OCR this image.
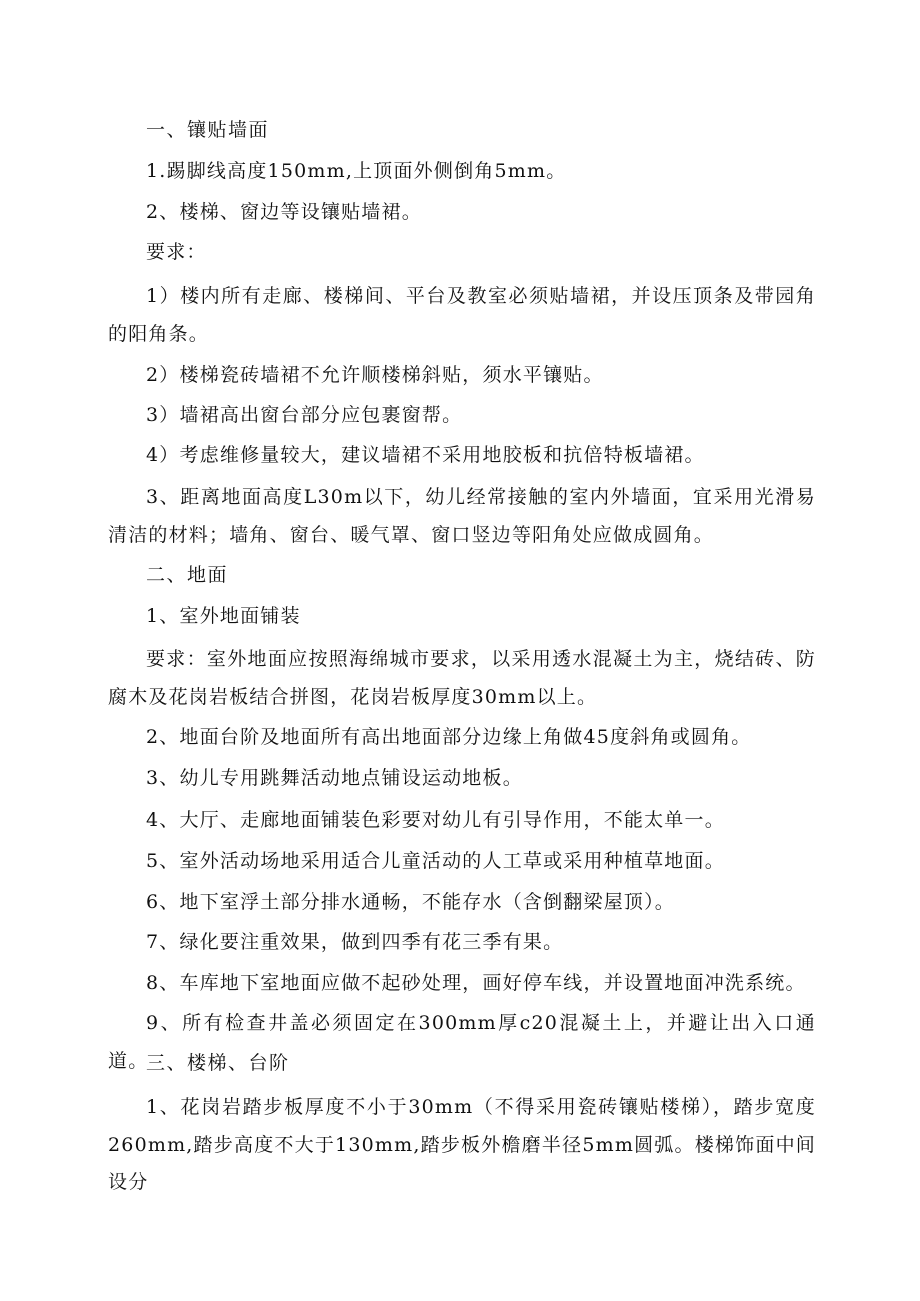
一、镶贴墙面

1.踢脚线高度150mm,上顶面外侧倒角5mm。

2、楼梯、窗边等设镶贴墙裙。

要求：

1）楼内所有走廊、楼梯间、平台及教室必须贴墙裙，并设压顶条及带园角的阳角条。

2）楼梯瓷砖墙裙不允许顺楼梯斜贴，须水平镶贴。

3）墙裙高出窗台部分应包裹窗帮。

4）考虑维修量较大，建议墙裙不采用地胶板和抗倍特板墙裙。

3、距离地面高度L30m以下，幼儿经常接触的室内外墙面，宜采用光滑易清洁的材料；墙角、窗台、暖气罩、窗口竖边等阳角处应做成圆角。

二、地面

1、室外地面铺装

要求：室外地面应按照海绵城市要求，以采用透水混凝土为主，烧结砖、防腐木及花岗岩板结合拼图，花岗岩板厚度30mm以上。

2、地面台阶及地面所有高出地面部分边缘上角做45度斜角或圆角。

3、幼儿专用跳舞活动地点铺设运动地板。

4、大厅、走廊地面铺装色彩要对幼儿有引导作用，不能太单一。

5、室外活动场地采用适合儿童活动的人工草或采用种植草地面。

6、地下室浮土部分排水通畅，不能存水（含倒翻梁屋顶）。

7、绿化要注重效果，做到四季有花三季有果。

8、车库地下室地面应做不起砂处理，画好停车线，并设置地面冲洗系统。

9、所有检查井盖必须固定在300mm厚c20混凝土上，并避让出入口通道。

三、楼梯、台阶

1、花岗岩踏步板厚度不小于30mm（不得采用瓷砖镶贴楼梯），踏步宽度260mm,踏步高度不大于130mm,踏步板外檐磨半径5mm圆弧。楼梯饰面中间设分
